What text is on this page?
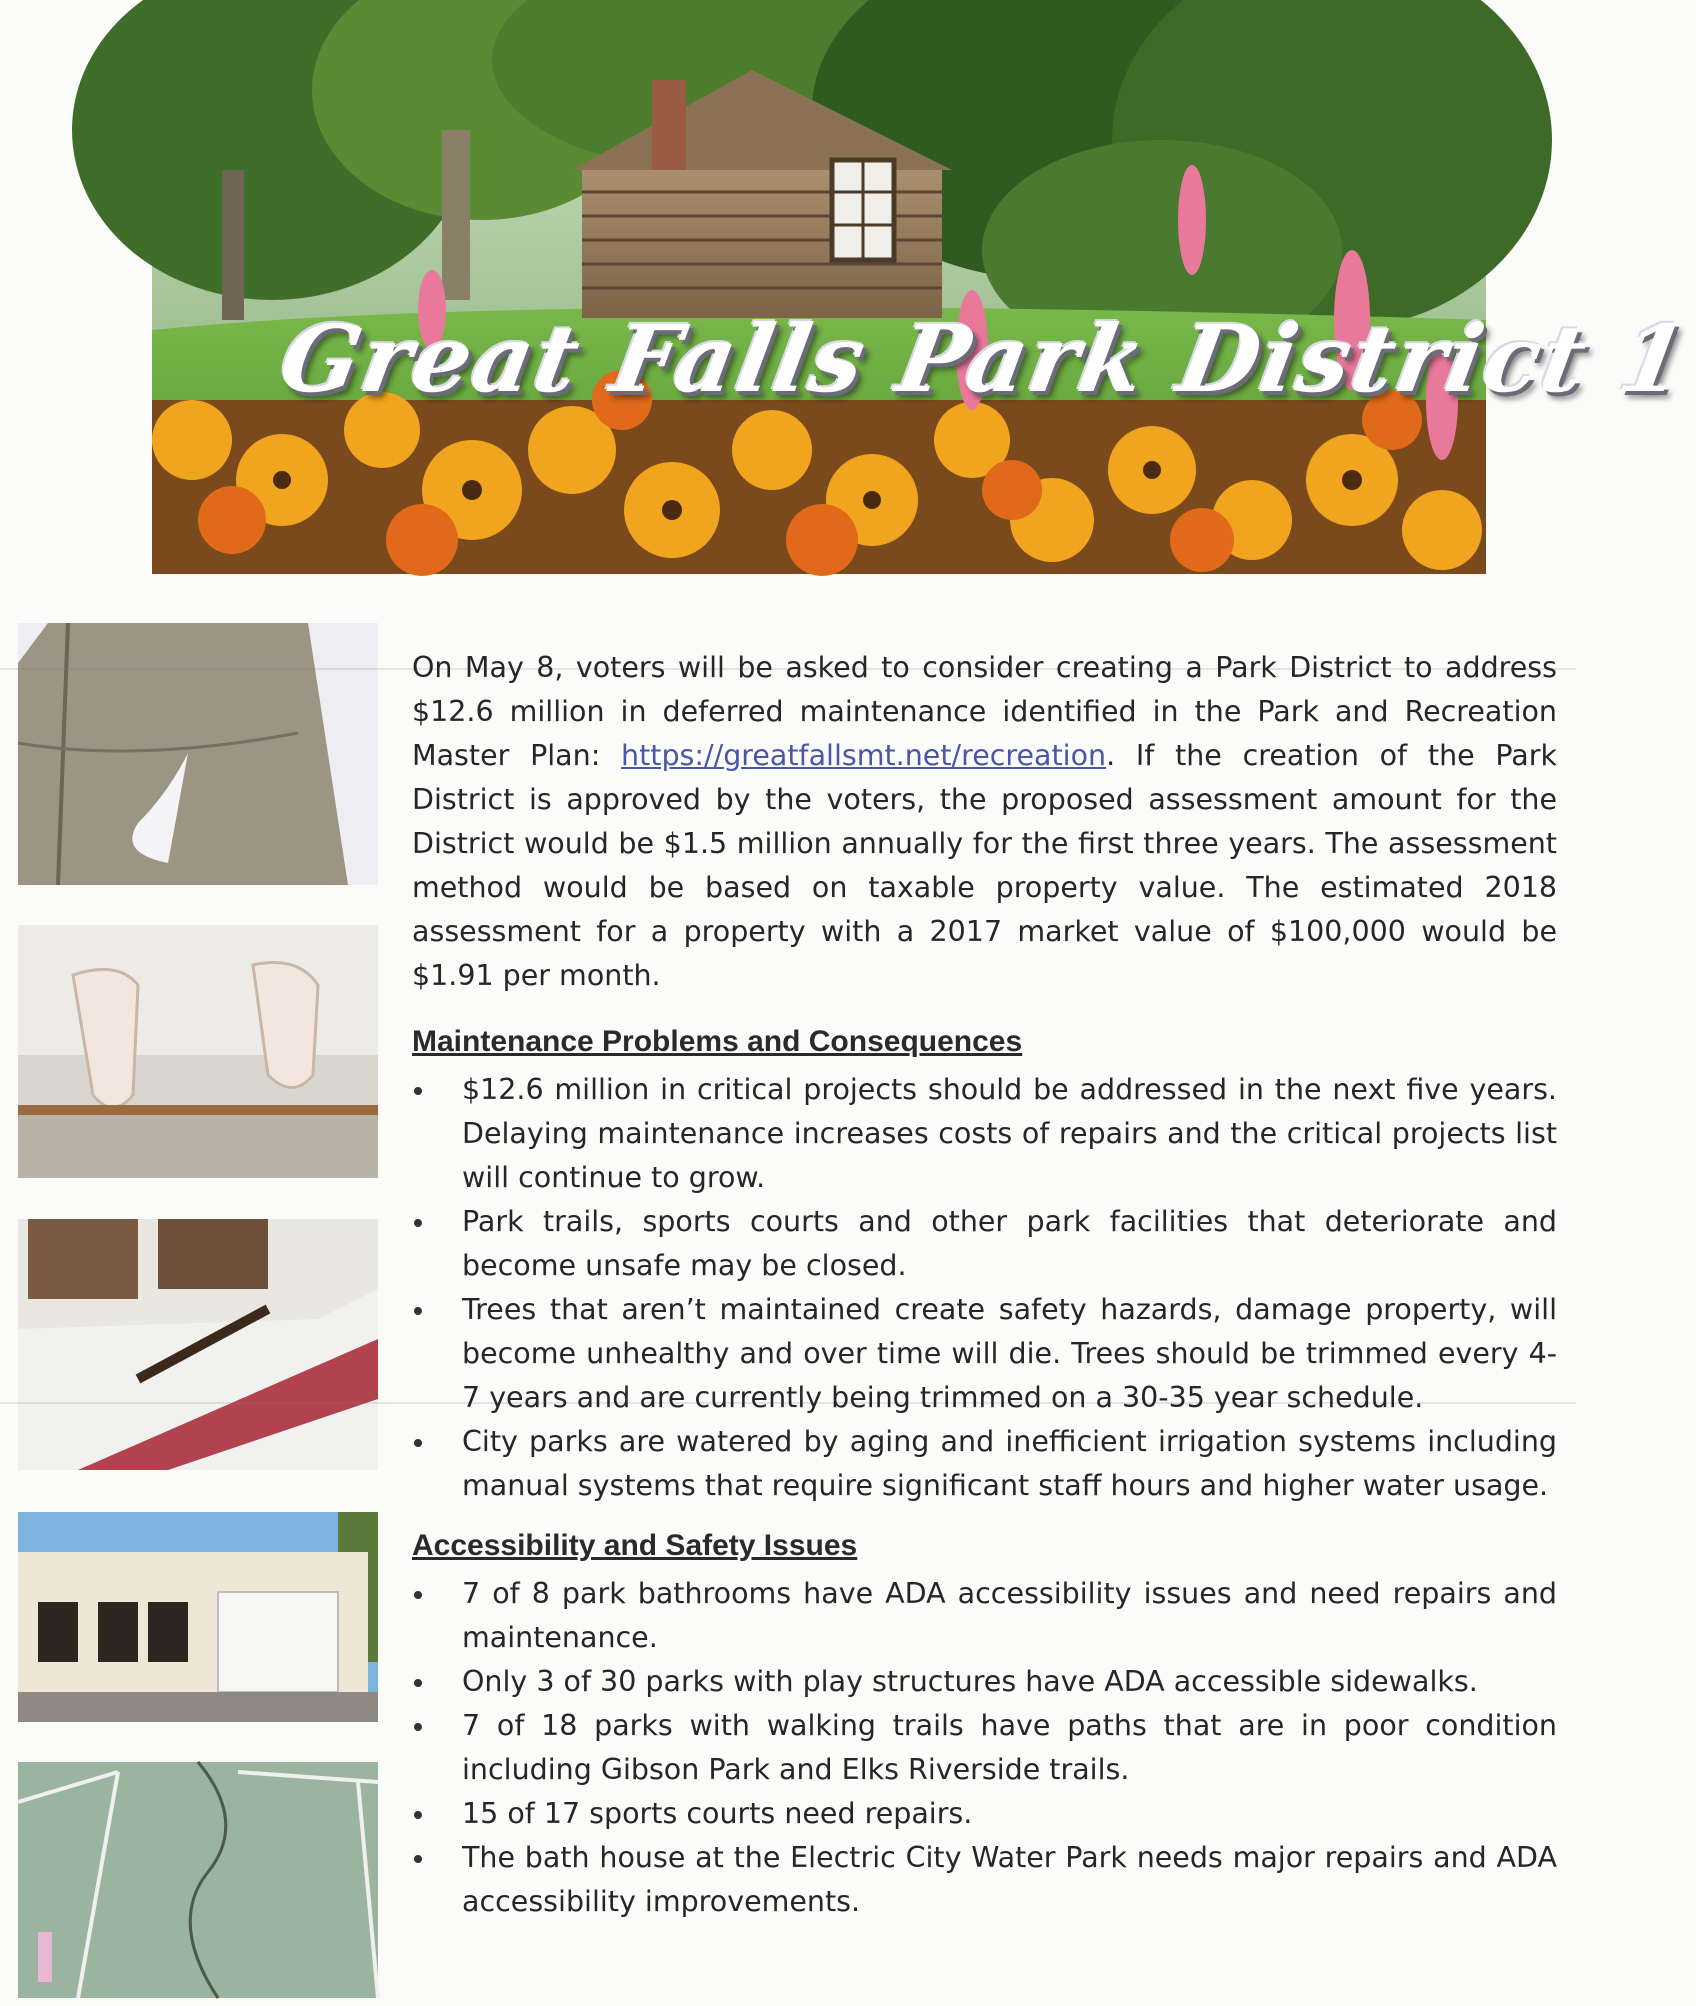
Great Falls Park District 1

On May 8, voters will be asked to consider creating a Park District to address $12.6 million in deferred maintenance identified in the Park and Recreation Master Plan: https://greatfallsmt.net/recreation. If the creation of the Park District is approved by the voters, the proposed assessment amount for the District would be $1.5 million annually for the first three years. The assessment method would be based on taxable property value. The estimated 2018 assessment for a property with a 2017 market value of $100,000 would be $1.91 per month.

Maintenance Problems and Consequences
$12.6 million in critical projects should be addressed in the next five years. Delaying maintenance increases costs of repairs and the critical projects list will continue to grow.
Park trails, sports courts and other park facilities that deteriorate and become unsafe may be closed.
Trees that aren’t maintained create safety hazards, damage property, will become unhealthy and over time will die. Trees should be trimmed every 4-7 years and are currently being trimmed on a 30-35 year schedule.
City parks are watered by aging and inefficient irrigation systems including manual systems that require significant staff hours and higher water usage.
Accessibility and Safety Issues
7 of 8 park bathrooms have ADA accessibility issues and need repairs and maintenance.
Only 3 of 30 parks with play structures have ADA accessible sidewalks.
7 of 18 parks with walking trails have paths that are in poor condition including Gibson Park and Elks Riverside trails.
15 of 17 sports courts need repairs.
The bath house at the Electric City Water Park needs major repairs and ADA accessibility improvements.
